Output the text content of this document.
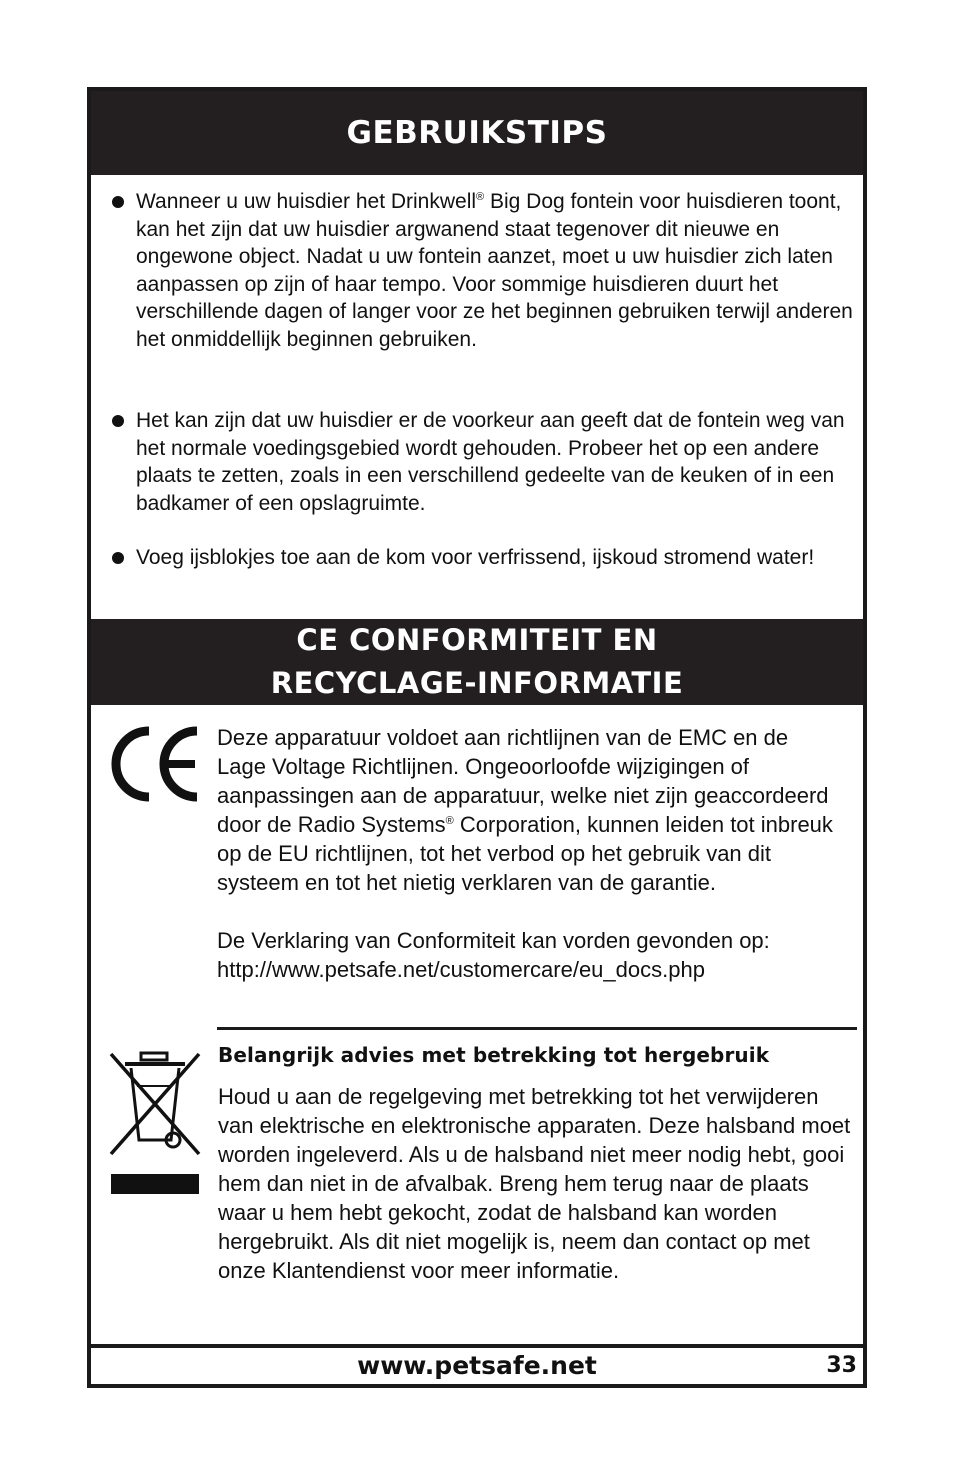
GEBRUIKSTIPS
Wanneer u uw huisdier het Drinkwell® Big Dog fontein voor huisdieren toont, kan het zijn dat uw huisdier argwanend staat tegenover dit nieuwe en ongewone object. Nadat u uw fontein aanzet, moet u uw huisdier zich laten aanpassen op zijn of haar tempo. Voor sommige huisdieren duurt het verschillende dagen of langer voor ze het beginnen gebruiken terwijl anderen het onmiddellijk beginnen gebruiken.
Het kan zijn dat uw huisdier er de voorkeur aan geeft dat de fontein weg van het normale voedingsgebied wordt gehouden. Probeer het op een andere plaats te zetten, zoals in een verschillend gedeelte van de keuken of in een badkamer of een opslagruimte.
Voeg ijsblokjes toe aan de kom voor verfrissend, ijskoud stromend water!
CE CONFORMITEIT EN
RECYCLAGE-INFORMATIE

Deze apparatuur voldoet aan richtlijnen van de EMC en de Lage Voltage Richtlijnen. Ongeoorloofde wijzigingen of aanpassingen aan de apparatuur, welke niet zijn geaccordeerd door de Radio Systems® Corporation, kunnen leiden tot inbreuk op de EU richtlijnen, tot het verbod op het gebruik van dit systeem en tot het nietig verklaren van de garantie.

De Verklaring van Conformiteit kan vorden gevonden op:
http://www.petsafe.net/customercare/eu_docs.php

Belangrijk advies met betrekking tot hergebruik
Houd u aan de regelgeving met betrekking tot het verwijderen van elektrische en elektronische apparaten. Deze halsband moet worden ingeleverd. Als u de halsband niet meer nodig hebt, gooi hem dan niet in de afvalbak. Breng hem terug naar de plaats waar u hem hebt gekocht, zodat de halsband kan worden hergebruikt. Als dit niet mogelijk is, neem dan contact op met onze Klantendienst voor meer informatie.
www.petsafe.net	33
